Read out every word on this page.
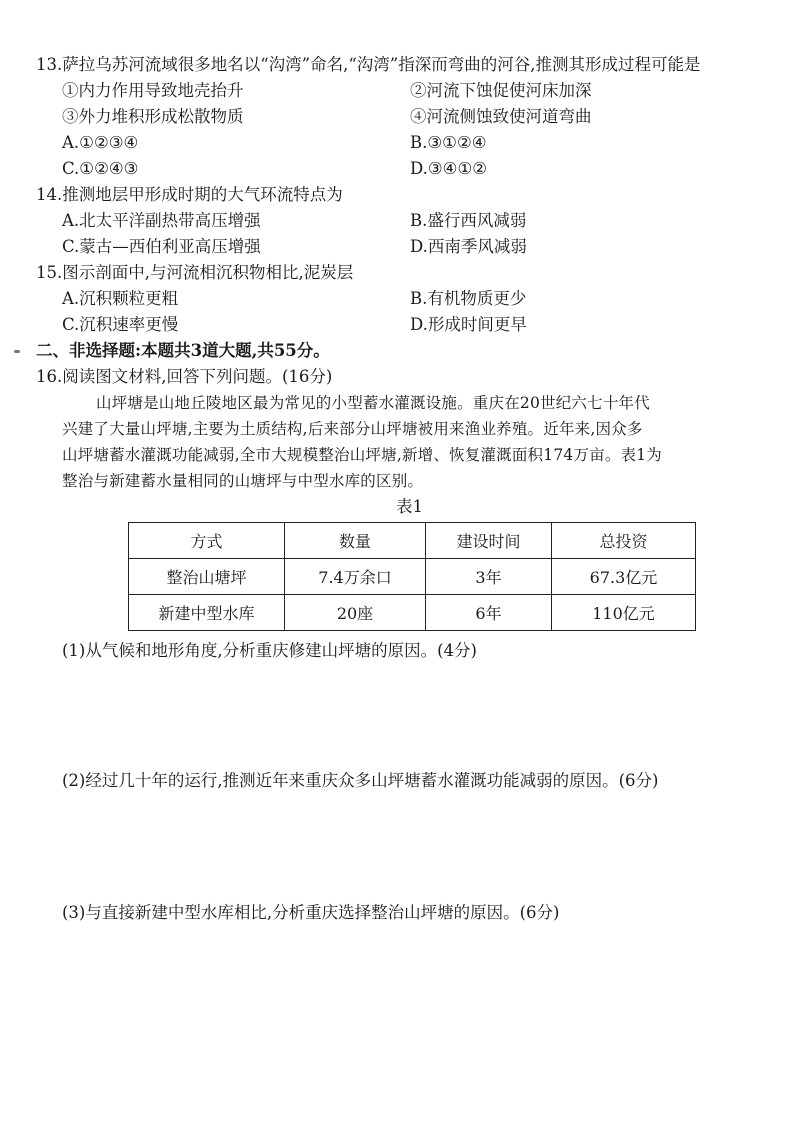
13.萨拉乌苏河流域很多地名以“沟湾”命名,“沟湾”指深而弯曲的河谷,推测其形成过程可能是
①内力作用导致地壳抬升	②河流下蚀促使河床加深
③外力堆积形成松散物质	④河流侧蚀致使河道弯曲
A.①②③④	B.③①②④
C.①②④③	D.③④①②
14.推测地层甲形成时期的大气环流特点为
A.北太平洋副热带高压增强	B.盛行西风减弱
C.蒙古—西伯利亚高压增强	D.西南季风减弱
15.图示剖面中,与河流相沉积物相比,泥炭层
A.沉积颗粒更粗	B.有机物质更少
C.沉积速率更慢	D.形成时间更早
二、非选择题:本题共3道大题,共55分。
16.阅读图文材料,回答下列问题。(16分)
山坪塘是山地丘陵地区最为常见的小型蓄水灌溉设施。重庆在20世纪六七十年代
兴建了大量山坪塘,主要为土质结构,后来部分山坪塘被用来渔业养殖。近年来,因众多
山坪塘蓄水灌溉功能减弱,全市大规模整治山坪塘,新增、恢复灌溉面积174万亩。表1为
整治与新建蓄水量相同的山塘坪与中型水库的区别。
表1
方式	数量	建设时间	总投资
整治山塘坪	7.4万余口	3年	67.3亿元
新建中型水库	20座	6年	110亿元
(1)从气候和地形角度,分析重庆修建山坪塘的原因。(4分)
(2)经过几十年的运行,推测近年来重庆众多山坪塘蓄水灌溉功能减弱的原因。(6分)
(3)与直接新建中型水库相比,分析重庆选择整治山坪塘的原因。(6分)
